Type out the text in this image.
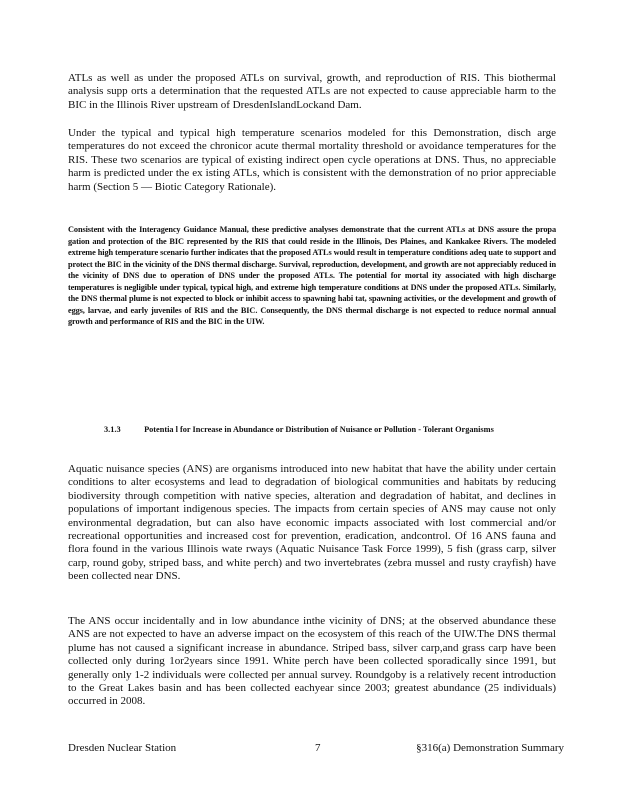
ATLs as well as under the proposed ATLs on survival, growth, and reproduction of RIS. This biothermal analysis supp orts a determination that the requested ATLs are not expected to cause appreciable harm to the BIC in the Illinois River upstream of DresdenIslandLockand Dam.

Under the typical and typical high temperature scenarios modeled for this Demonstration, disch arge temperatures do not exceed the chronicor acute thermal mortality threshold or avoidance temperatures for the RIS. These two scenarios are typical of existing indirect open cycle operations at DNS. Thus, no appreciable harm is predicted under the ex isting ATLs, which is consistent with the demonstration of no prior appreciable harm (Section 5 — Biotic Category Rationale).

Consistent with the Interagency Guidance Manual, these predictive analyses demonstrate that the current ATLs at DNS assure the propa gation and protection of the BIC represented by the RIS that could reside in the Illinois, Des Plaines, and Kankakee Rivers. The modeled extreme high temperature scenario further indicates that the proposed ATLs would result in temperature conditions adeq uate to support and protect the BIC in the vicinity of the DNS thermal discharge. Survival, reproduction, development, and growth are not appreciably reduced in the vicinity of DNS due to operation of DNS under the proposed ATLs. The potential for mortal ity associated with high discharge temperatures is negligible under typical, typical high, and extreme high temperature conditions at DNS under the proposed ATLs. Similarly, the DNS thermal plume is not expected to block or inhibit access to spawning habi tat, spawning activities, or the development and growth of eggs, larvae, and early juveniles of RIS and the BIC. Consequently, the DNS thermal discharge is not expected to reduce normal annual growth and performance of RIS and the BIC in the UIW.

3.1.3	Potentia l for Increase in Abundance or Distribution of Nuisance or Pollution - Tolerant Organisms

Aquatic nuisance species (ANS) are organisms introduced into new habitat that have the ability under certain conditions to alter ecosystems and lead to degradation of biological communities and habitats by reducing biodiversity through competition with native species, alteration and degradation of habitat, and declines in populations of important indigenous species. The impacts from certain species of ANS may cause not only environmental degradation, but can also have economic impacts associated with lost commercial and/or recreational opportunities and increased cost for prevention, eradication, andcontrol. Of 16 ANS fauna and flora found in the various Illinois wate rways (Aquatic Nuisance Task Force 1999), 5 fish (grass carp, silver carp, round goby, striped bass, and white perch) and two invertebrates (zebra mussel and rusty crayfish) have been collected near DNS.

The ANS occur incidentally and in low abundance inthe vicinity of DNS; at the observed abundance these ANS are not expected to have an adverse impact on the ecosystem of this reach of the UIW.The DNS thermal plume has not caused a significant increase in abundance. Striped bass, silver carp,and grass carp have been collected only during 1or2years since 1991. White perch have been collected sporadically since 1991, but generally only 1-2 individuals were collected per annual survey. Roundgoby is a relatively recent introduction to the Great Lakes basin and has been collected eachyear since 2003; greatest abundance (25 individuals) occurred in 2008.

Dresden Nuclear Station	7	§316(a) Demonstration Summary
